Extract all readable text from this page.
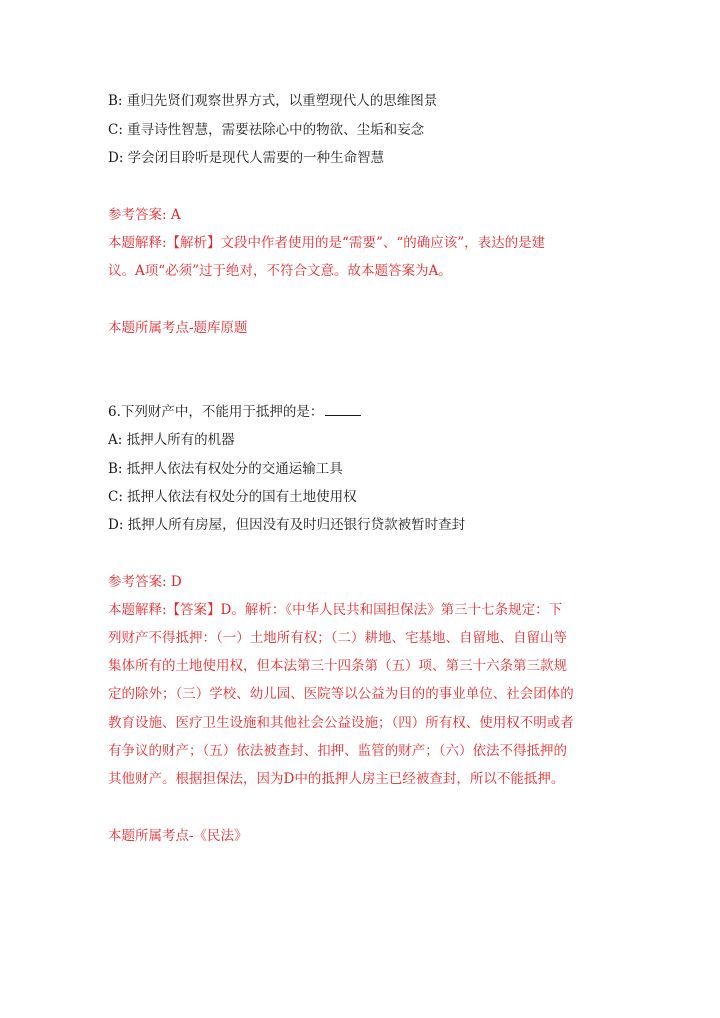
B: 重归先贤们观察世界方式，以重塑现代人的思维图景
C: 重寻诗性智慧，需要祛除心中的物欲、尘垢和妄念
D: 学会闭目聆听是现代人需要的一种生命智慧
参考答案: A
本题解释:【解析】文段中作者使用的是“需要”、“的确应该”，表达的是建
议。A项“必须”过于绝对，不符合文意。故本题答案为A。
本题所属考点-题库原题
6.下列财产中，不能用于抵押的是：
A: 抵押人所有的机器
B: 抵押人依法有权处分的交通运输工具
C: 抵押人依法有权处分的国有土地使用权
D: 抵押人所有房屋，但因没有及时归还银行贷款被暂时查封
参考答案: D
本题解释:【答案】D。解析：《中华人民共和国担保法》第三十七条规定：下
列财产不得抵押：（一）土地所有权；（二）耕地、宅基地、自留地、自留山等
集体所有的土地使用权，但本法第三十四条第（五）项、第三十六条第三款规
定的除外；（三）学校、幼儿园、医院等以公益为目的的事业单位、社会团体的
教育设施、医疗卫生设施和其他社会公益设施；（四）所有权、使用权不明或者
有争议的财产；（五）依法被查封、扣押、监管的财产；（六）依法不得抵押的
其他财产。根据担保法，因为D中的抵押人房主已经被查封，所以不能抵押。
本题所属考点-《民法》
